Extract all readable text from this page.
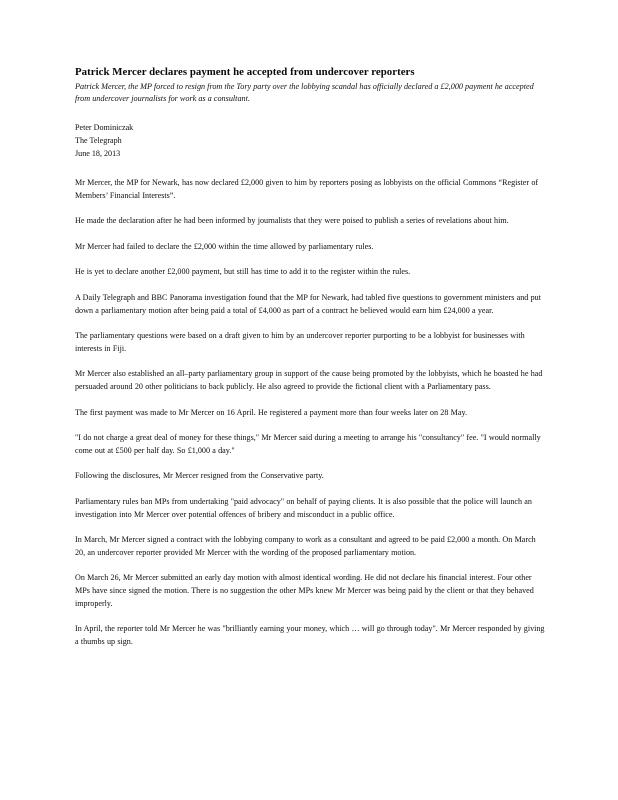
Patrick Mercer declares payment he accepted from undercover reporters

Patrick Mercer, the MP forced to resign from the Tory party over the lobbying scandal has officially declared a £2,000 payment he accepted from undercover journalists for work as a consultant.

Peter Dominiczak
The Telegraph
June 18, 2013

Mr Mercer, the MP for Newark, has now declared £2,000 given to him by reporters posing as lobbyists on the official Commons “Register of Members’ Financial Interests”.

He made the declaration after he had been informed by journalists that they were poised to publish a series of revelations about him.

Mr Mercer had failed to declare the £2,000 within the time allowed by parliamentary rules.

He is yet to declare another £2,000 payment, but still has time to add it to the register within the rules.

A Daily Telegraph and BBC Panorama investigation found that the MP for Newark, had tabled five questions to government ministers and put down a parliamentary motion after being paid a total of £4,000 as part of a contract he believed would earn him £24,000 a year.

The parliamentary questions were based on a draft given to him by an undercover reporter purporting to be a lobbyist for businesses with interests in Fiji.

Mr Mercer also established an all–party parliamentary group in support of the cause being promoted by the lobbyists, which he boasted he had persuaded around 20 other politicians to back publicly. He also agreed to provide the fictional client with a Parliamentary pass.

The first payment was made to Mr Mercer on 16 April. He registered a payment more than four weeks later on 28 May.

"I do not charge a great deal of money for these things," Mr Mercer said during a meeting to arrange his "consultancy" fee. "I would normally come out at £500 per half day. So £1,000 a day."

Following the disclosures, Mr Mercer resigned from the Conservative party.

Parliamentary rules ban MPs from undertaking "paid advocacy" on behalf of paying clients. It is also possible that the police will launch an investigation into Mr Mercer over potential offences of bribery and misconduct in a public office.

In March, Mr Mercer signed a contract with the lobbying company to work as a consultant and agreed to be paid £2,000 a month. On March 20, an undercover reporter provided Mr Mercer with the wording of the proposed parliamentary motion.

On March 26, Mr Mercer submitted an early day motion with almost identical wording. He did not declare his financial interest. Four other MPs have since signed the motion. There is no suggestion the other MPs knew Mr Mercer was being paid by the client or that they behaved improperly.

In April, the reporter told Mr Mercer he was "brilliantly earning your money, which … will go through today". Mr Mercer responded by giving a thumbs up sign.
